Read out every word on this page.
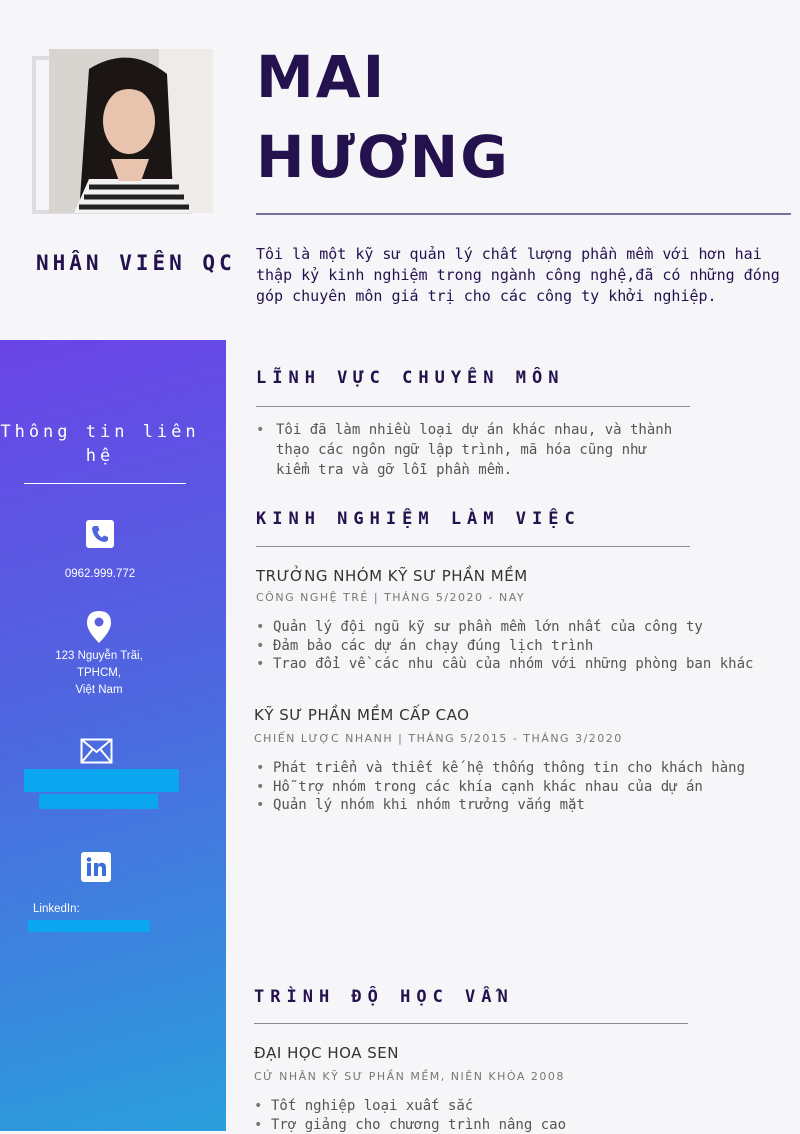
MAI
HƯƠNG
NHÂN VIÊN QC Tôi là một kỹ sư quản lý chất lượng phần mềm với hơn hai thập kỷ kinh nghiệm trong ngành công nghệ,đã có những đóng góp chuyên môn giá trị cho các công ty khởi nghiệp.
Thông tin liên hệ
0962.999.772
123 Nguyễn Trãi,
TPHCM,
Việt Nam
LinkedIn:
LĨNH VỰC CHUYÊN MÔN
• Tôi đã làm nhiều loại dự án khác nhau, và thành thạo các ngôn ngữ lập trình, mã hóa cũng như kiểm tra và gỡ lỗi phần mềm.
KINH NGHIỆM LÀM VIỆC
TRƯỞNG NHÓM KỸ SƯ PHẦN MỀM
CÔNG NGHỆ TRẺ | THÁNG 5/2020 - NAY
• Quản lý đội ngũ kỹ sư phần mềm lớn nhất của công ty
• Đảm bảo các dự án chạy đúng lịch trình
• Trao đổi về các nhu cầu của nhóm với những phòng ban khác
KỸ SƯ PHẦN MỀM CẤP CAO
CHIẾN LƯỢC NHANH | THÁNG 5/2015 - THÁNG 3/2020
• Phát triển và thiết kế hệ thống thông tin cho khách hàng
• Hỗ trợ nhóm trong các khía cạnh khác nhau của dự án
• Quản lý nhóm khi nhóm trưởng vắng mặt
TRÌNH ĐỘ HỌC VẤN
ĐẠI HỌC HOA SEN
CỬ NHÂN KỸ SƯ PHẦN MỀM, NIÊN KHÓA 2008
• Tốt nghiệp loại xuất sắc
• Trợ giảng cho chương trình nâng cao
